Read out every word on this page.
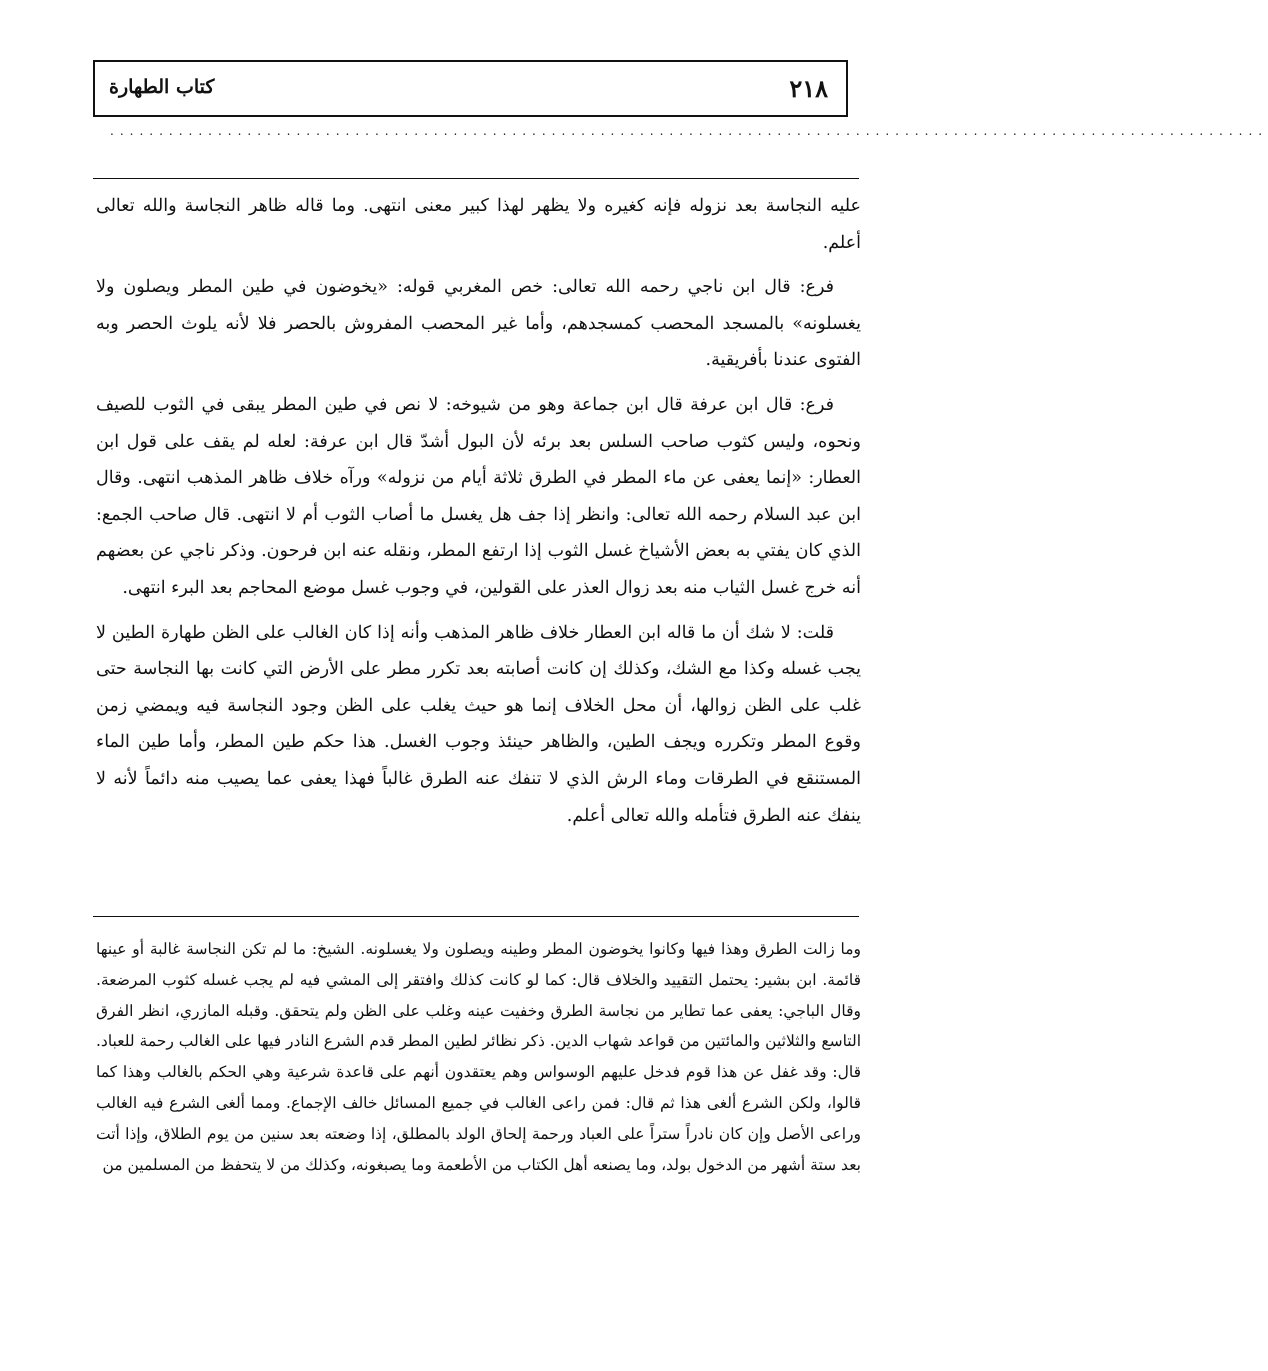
٢١٨
كتاب الطهارة
......................................................................................................................

عليه النجاسة بعد نزوله فإنه كغيره ولا يظهر لهذا كبير معنى انتهى. وما قاله ظاهر النجاسة والله تعالى أعلم.

فرع: قال ابن ناجي رحمه الله تعالى: خص المغربي قوله: «يخوضون في طين المطر ويصلون ولا يغسلونه» بالمسجد المحصب كمسجدهم، وأما غير المحصب المفروش بالحصر فلا لأنه يلوث الحصر وبه الفتوى عندنا بأفريقية.

فرع: قال ابن عرفة قال ابن جماعة وهو من شيوخه: لا نص في طين المطر يبقى في الثوب للصيف ونحوه، وليس كثوب صاحب السلس بعد برئه لأن البول أشدّ قال ابن عرفة: لعله لم يقف على قول ابن العطار: «إنما يعفى عن ماء المطر في الطرق ثلاثة أيام من نزوله» ورآه خلاف ظاهر المذهب انتهى. وقال ابن عبد السلام رحمه الله تعالى: وانظر إذا جف هل يغسل ما أصاب الثوب أم لا انتهى. قال صاحب الجمع: الذي كان يفتي به بعض الأشياخ غسل الثوب إذا ارتفع المطر، ونقله عنه ابن فرحون. وذكر ناجي عن بعضهم أنه خرج غسل الثياب منه بعد زوال العذر على القولين، في وجوب غسل موضع المحاجم بعد البرء انتهى.

قلت: لا شك أن ما قاله ابن العطار خلاف ظاهر المذهب وأنه إذا كان الغالب على الظن طهارة الطين لا يجب غسله وكذا مع الشك، وكذلك إن كانت أصابته بعد تكرر مطر على الأرض التي كانت بها النجاسة حتى غلب على الظن زوالها، أن محل الخلاف إنما هو حيث يغلب على الظن وجود النجاسة فيه ويمضي زمن وقوع المطر وتكرره ويجف الطين، والظاهر حينئذ وجوب الغسل. هذا حكم طين المطر، وأما طين الماء المستنقع في الطرقات وماء الرش الذي لا تنفك عنه الطرق غالباً فهذا يعفى عما يصيب منه دائماً لأنه لا ينفك عنه الطرق فتأمله والله تعالى أعلم.

وما زالت الطرق وهذا فيها وكانوا يخوضون المطر وطينه ويصلون ولا يغسلونه. الشيخ: ما لم تكن النجاسة غالبة أو عينها قائمة. ابن بشير: يحتمل التقييد والخلاف قال: كما لو كانت كذلك وافتقر إلى المشي فيه لم يجب غسله كثوب المرضعة. وقال الباجي: يعفى عما تطاير من نجاسة الطرق وخفيت عينه وغلب على الظن ولم يتحقق. وقبله المازري، انظر الفرق التاسع والثلاثين والمائتين من قواعد شهاب الدين. ذكر نظائر لطين المطر قدم الشرع النادر فيها على الغالب رحمة للعباد. قال: وقد غفل عن هذا قوم فدخل عليهم الوسواس وهم يعتقدون أنهم على قاعدة شرعية وهي الحكم بالغالب وهذا كما قالوا، ولكن الشرع ألغى هذا ثم قال: فمن راعى الغالب في جميع المسائل خالف الإجماع. ومما ألغى الشرع فيه الغالب وراعى الأصل وإن كان نادراً ستراً على العباد ورحمة إلحاق الولد بالمطلق، إذا وضعته بعد سنين من يوم الطلاق، وإذا أتت بعد ستة أشهر من الدخول بولد، وما يصنعه أهل الكتاب من الأطعمة وما يصبغونه، وكذلك من لا يتحفظ من المسلمين من
